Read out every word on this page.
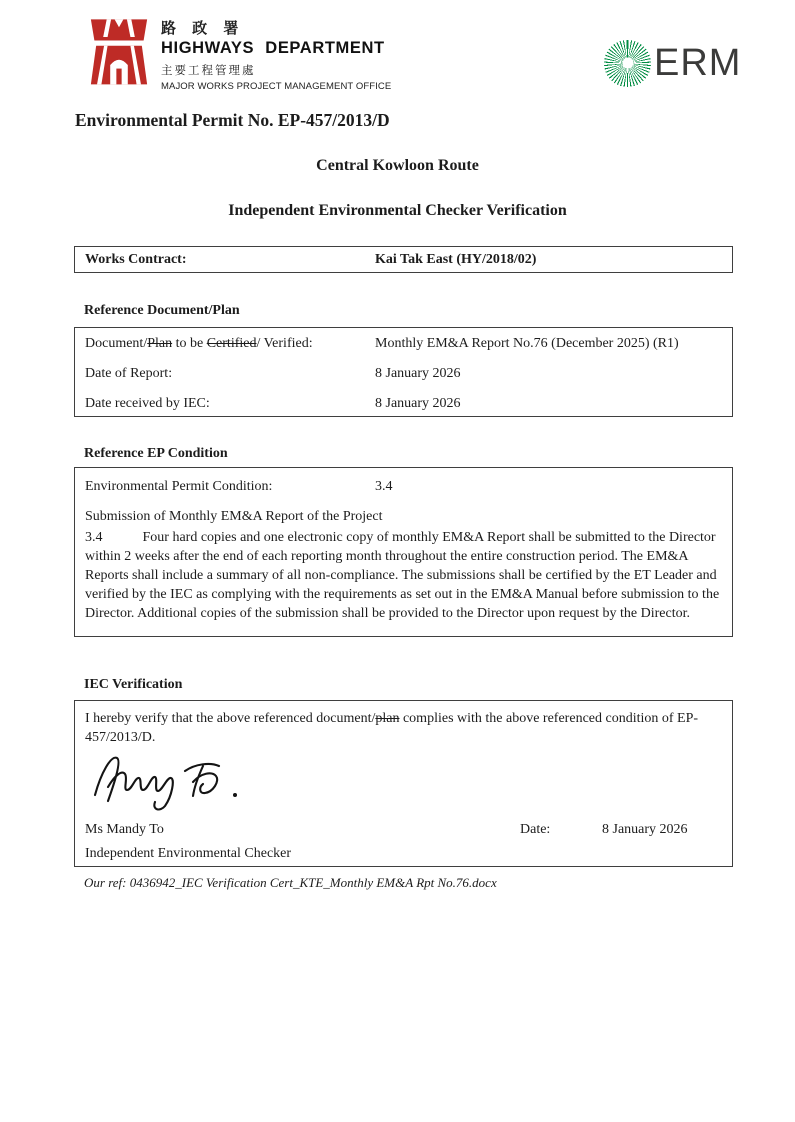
路 政 署
HIGHWAYS DEPARTMENT
主要工程管理處
MAJOR WORKS PROJECT MANAGEMENT OFFICE
ERM
Environmental Permit No. EP-457/2013/D
Central Kowloon Route
Independent Environmental Checker Verification
Works Contract:	Kai Tak East (HY/2018/02)
Reference Document/Plan
Document/Plan to be Certified/ Verified:	Monthly EM&A Report No.76 (December 2025) (R1)
Date of Report:	8 January 2026
Date received by IEC:	8 January 2026
Reference EP Condition
Environmental Permit Condition:	3.4
Submission of Monthly EM&A Report of the Project
3.4	Four hard copies and one electronic copy of monthly EM&A Report shall be submitted to the Director within 2 weeks after the end of each reporting month throughout the entire construction period. The EM&A Reports shall include a summary of all non-compliance. The submissions shall be certified by the ET Leader and verified by the IEC as complying with the requirements as set out in the EM&A Manual before submission to the Director. Additional copies of the submission shall be provided to the Director upon request by the Director.
IEC Verification
I hereby verify that the above referenced document/plan complies with the above referenced condition of EP-457/2013/D.
Ms Mandy To	Date:	8 January 2026
Independent Environmental Checker
Our ref: 0436942_IEC Verification Cert_KTE_Monthly EM&A Rpt No.76.docx
